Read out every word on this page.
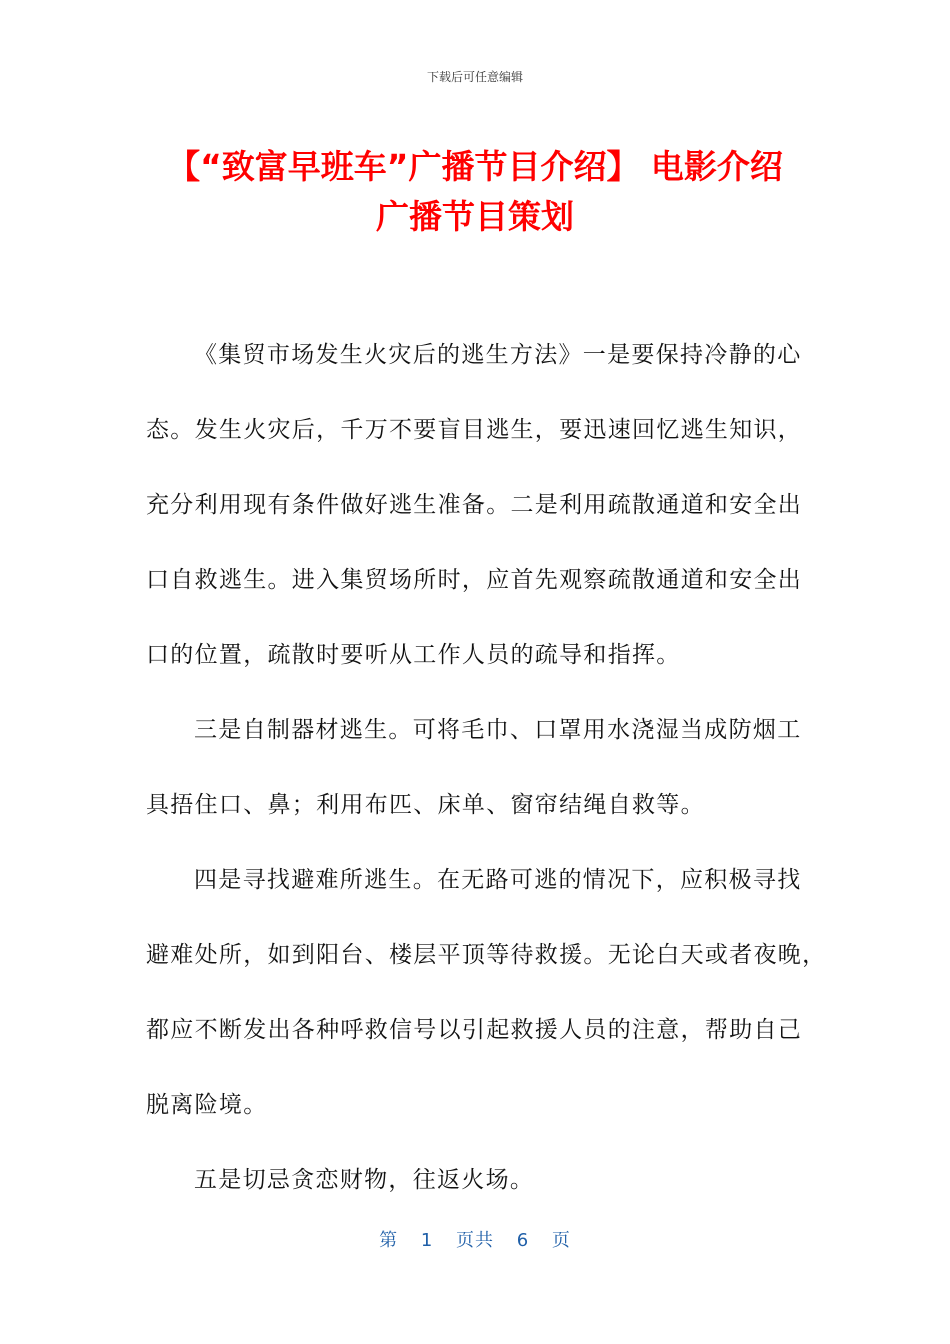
下载后可任意编辑
【“致富早班车”广播节目介绍】 电影介绍
广播节目策划
《集贸市场发生火灾后的逃生方法》一是要保持冷静的心
态。发生火灾后，千万不要盲目逃生，要迅速回忆逃生知识，
充分利用现有条件做好逃生准备。二是利用疏散通道和安全出
口自救逃生。进入集贸场所时，应首先观察疏散通道和安全出
口的位置，疏散时要听从工作人员的疏导和指挥。
三是自制器材逃生。可将毛巾、口罩用水浇湿当成防烟工
具捂住口、鼻；利用布匹、床单、窗帘结绳自救等。
四是寻找避难所逃生。在无路可逃的情况下，应积极寻找
避难处所，如到阳台、楼层平顶等待救援。无论白天或者夜晚，
都应不断发出各种呼救信号以引起救援人员的注意，帮助自己
脱离险境。
五是切忌贪恋财物，往返火场。
第 1 页共 6 页
